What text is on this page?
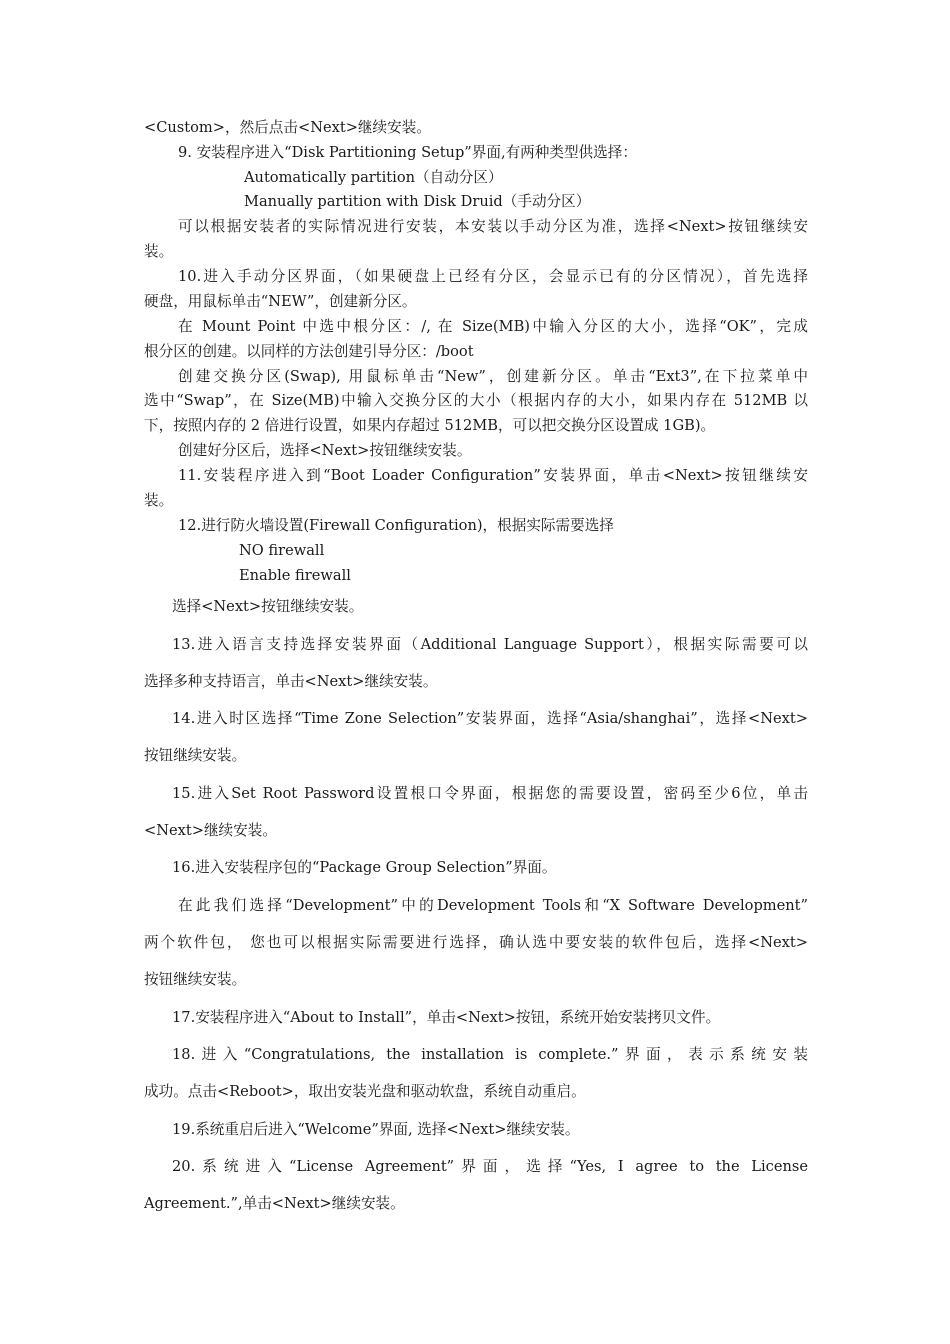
<Custom>，然后点击<Next>继续安装。
9. 安装程序进入“Disk Partitioning Setup”界面,有两种类型供选择：
Automatically partition（自动分区）
Manually partition with Disk Druid（手动分区）
可以根据安装者的实际情况进行安装，本安装以手动分区为准，选择<Next>按钮继续安
装。
10.进入手动分区界面，（如果硬盘上已经有分区，会显示已有的分区情况），首先选择
硬盘，用鼠标单击“NEW”，创建新分区。
在 Mount Point 中选中根分区：/, 在 Size(MB)中输入分区的大小，选择“OK”，完成
根分区的创建。以同样的方法创建引导分区：/boot
创建交换分区(Swap), 用鼠标单击“New”，创建新分区。单击“Ext3”,在下拉菜单中
选中“Swap”，在 Size(MB)中输入交换分区的大小（根据内存的大小，如果内存在 512MB 以
下，按照内存的 2 倍进行设置，如果内存超过 512MB，可以把交换分区设置成 1GB)。
创建好分区后，选择<Next>按钮继续安装。
11.安装程序进入到“Boot Loader Configuration”安装界面，单击<Next>按钮继续安
装。
12.进行防火墙设置(Firewall Configuration)，根据实际需要选择
NO firewall
Enable firewall
选择<Next>按钮继续安装。
13.进入语言支持选择安装界面（Additional Language Support），根据实际需要可以
选择多种支持语言，单击<Next>继续安装。
14.进入时区选择“Time Zone Selection”安装界面，选择“Asia/shanghai”，选择<Next>
按钮继续安装。
15.进入Set Root Password设置根口令界面，根据您的需要设置，密码至少6位，单击
<Next>继续安装。
16.进入安装程序包的“Package Group Selection”界面。
在此我们选择“Development”中的Development Tools和“X Software Development”
两个软件包， 您也可以根据实际需要进行选择，确认选中要安装的软件包后，选择<Next>
按钮继续安装。
17.安装程序进入“About to Install”，单击<Next>按钮，系统开始安装拷贝文件。
18.进入“Congratulations, the installation is complete.”界面，表示系统安装
成功。点击<Reboot>，取出安装光盘和驱动软盘，系统自动重启。
19.系统重启后进入“Welcome”界面, 选择<Next>继续安装。
20.系统进入“License Agreement”界面，选择“Yes, I agree to the License
Agreement.”,单击<Next>继续安装。
